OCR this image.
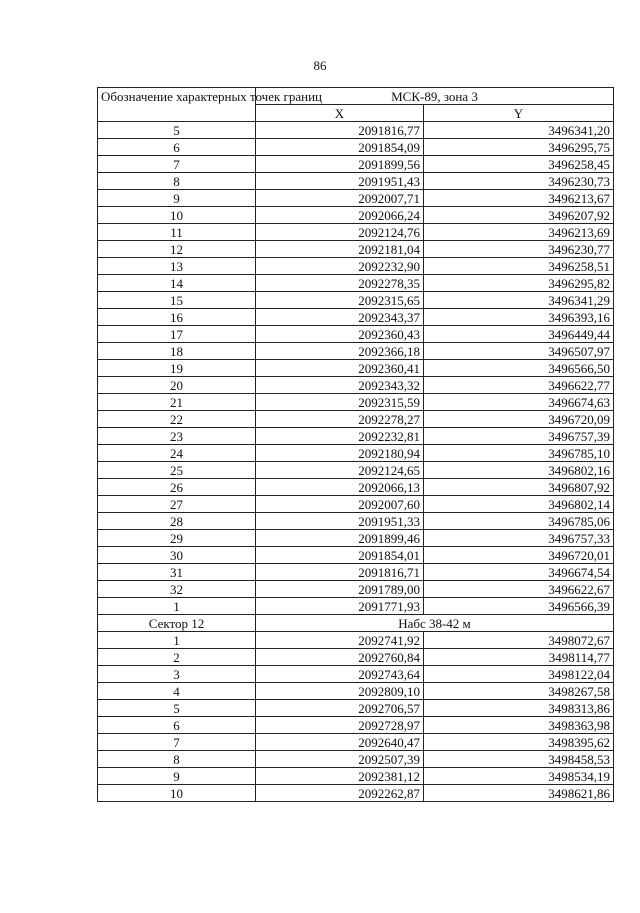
86
Обозначение характерных точек границ	МСК-89, зона 3	
	X	Y
5	2091816,77	3496341,20
6	2091854,09	3496295,75
7	2091899,56	3496258,45
8	2091951,43	3496230,73
9	2092007,71	3496213,67
10	2092066,24	3496207,92
11	2092124,76	3496213,69
12	2092181,04	3496230,77
13	2092232,90	3496258,51
14	2092278,35	3496295,82
15	2092315,65	3496341,29
16	2092343,37	3496393,16
17	2092360,43	3496449,44
18	2092366,18	3496507,97
19	2092360,41	3496566,50
20	2092343,32	3496622,77
21	2092315,59	3496674,63
22	2092278,27	3496720,09
23	2092232,81	3496757,39
24	2092180,94	3496785,10
25	2092124,65	3496802,16
26	2092066,13	3496807,92
27	2092007,60	3496802,14
28	2091951,33	3496785,06
29	2091899,46	3496757,33
30	2091854,01	3496720,01
31	2091816,71	3496674,54
32	2091789,00	3496622,67
1	2091771,93	3496566,39
Сектор 12	Набс 38-42 м	
1	2092741,92	3498072,67
2	2092760,84	3498114,77
3	2092743,64	3498122,04
4	2092809,10	3498267,58
5	2092706,57	3498313,86
6	2092728,97	3498363,98
7	2092640,47	3498395,62
8	2092507,39	3498458,53
9	2092381,12	3498534,19
10	2092262,87	3498621,86
